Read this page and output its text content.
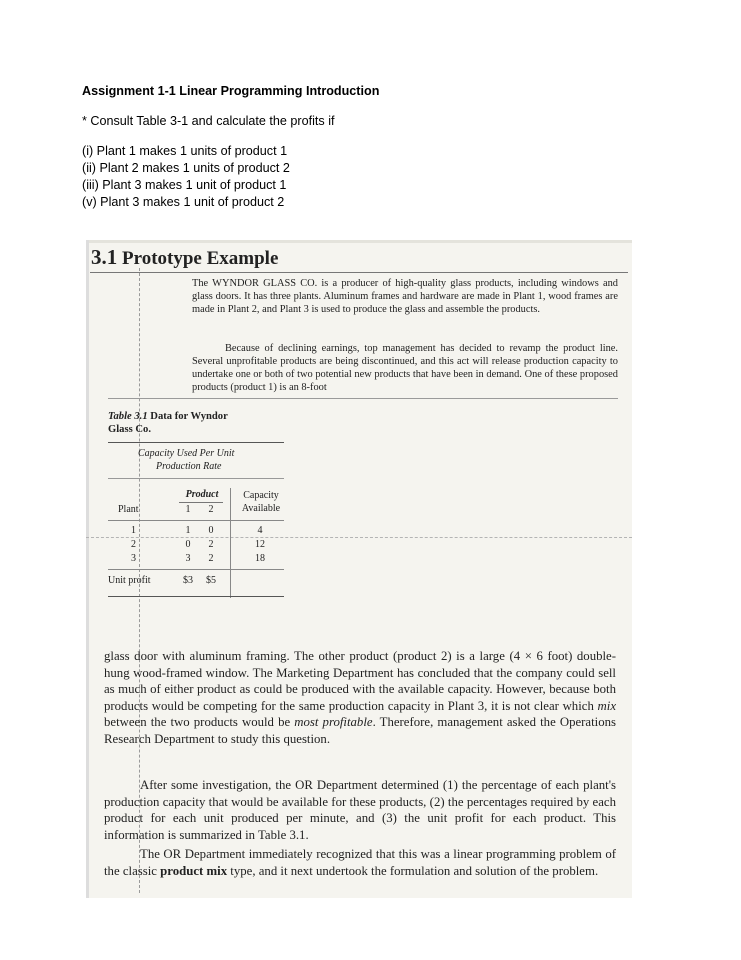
Assignment 1-1 Linear Programming Introduction
* Consult Table 3-1 and calculate the profits if
(i) Plant 1 makes 1 units of product 1
(ii) Plant 2 makes 1 units of product 2
(iii) Plant 3 makes 1 unit of product 1
(v) Plant 3 makes 1 unit of product 2
3.1 Prototype Example

The WYNDOR GLASS CO. is a producer of high-quality glass products, including windows and glass doors. It has three plants. Aluminum frames and hardware are made in Plant 1, wood frames are made in Plant 2, and Plant 3 is used to produce the glass and assemble the products.

Because of declining earnings, top management has decided to revamp the product line. Several unprofitable products are being discontinued, and this act will release production capacity to undertake one or both of two potential new products that have been in demand. One of these proposed products (product 1) is an 8-foot

Table 3.1 Data for Wyndor
Glass Co.
Capacity Used Per Unit
Production Rate
Product	Capacity
Available
Plant	1	2
1	1	0	4
2	0	2	12
3	3	2	18
Unit profit	$3	$5

glass door with aluminum framing. The other product (product 2) is a large (4 × 6 foot) double-hung wood-framed window. The Marketing Department has concluded that the company could sell as much of either product as could be produced with the available capacity. However, because both products would be competing for the same production capacity in Plant 3, it is not clear which mix between the two products would be most profitable. Therefore, management asked the Operations Research Department to study this question.

After some investigation, the OR Department determined (1) the percentage of each plant's production capacity that would be available for these products, (2) the percentages required by each product for each unit produced per minute, and (3) the unit profit for each product. This information is summarized in Table 3.1.

The OR Department immediately recognized that this was a linear programming problem of the classic product mix type, and it next undertook the formulation and solution of the problem.
